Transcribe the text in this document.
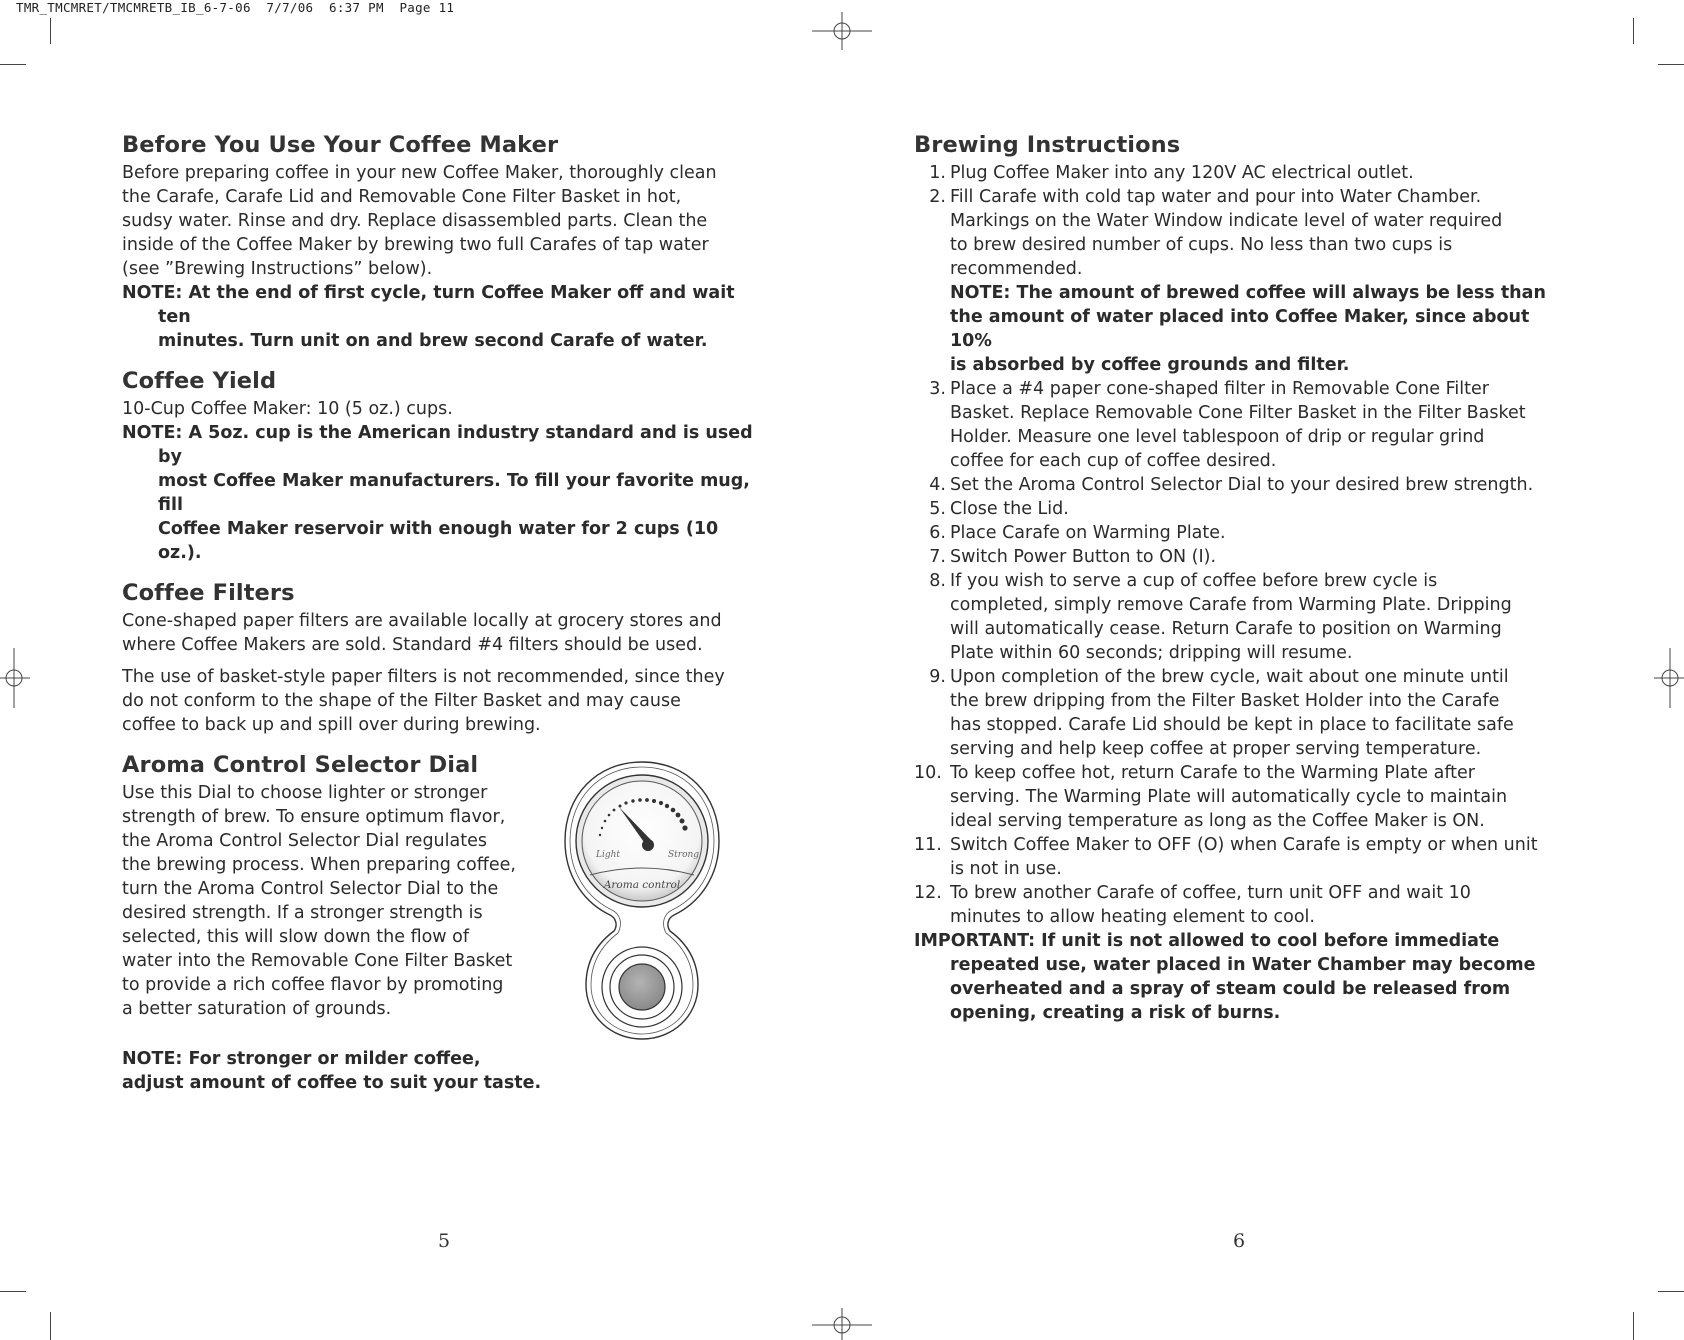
TMR_TMCMRET/TMCMRETB_IB_6-7-06  7/7/06  6:37 PM  Page 11
Before You Use Your Coffee Maker
Before preparing coffee in your new Coffee Maker, thoroughly clean
the Carafe, Carafe Lid and Removable Cone Filter Basket in hot,
sudsy water. Rinse and dry. Replace disassembled parts. Clean the
inside of the Coffee Maker by brewing two full Carafes of tap water
(see ”Brewing Instructions” below).
NOTE: At the end of first cycle, turn Coffee Maker off and wait ten
minutes. Turn unit on and brew second Carafe of water.
Coffee Yield
10-Cup Coffee Maker: 10 (5 oz.) cups.
NOTE: A 5oz. cup is the American industry standard and is used by
most Coffee Maker manufacturers. To fill your favorite mug, fill
Coffee Maker reservoir with enough water for 2 cups (10 oz.).
Coffee Filters
Cone-shaped paper filters are available locally at grocery stores and
where Coffee Makers are sold. Standard #4 filters should be used.
The use of basket-style paper filters is not recommended, since they
do not conform to the shape of the Filter Basket and may cause
coffee to back up and spill over during brewing.
Aroma Control Selector Dial
Use this Dial to choose lighter or stronger
strength of brew. To ensure optimum flavor,
the Aroma Control Selector Dial regulates
the brewing process. When preparing coffee,
turn the Aroma Control Selector Dial to the
desired strength. If a stronger strength is
selected, this will slow down the flow of
water into the Removable Cone Filter Basket
to provide a rich coffee flavor by promoting
a better saturation of grounds.
NOTE: For stronger or milder coffee,
adjust amount of coffee to suit your taste.
Light	Strong
Aroma control
5
Brewing Instructions
1. Plug Coffee Maker into any 120V AC electrical outlet.
2. Fill Carafe with cold tap water and pour into Water Chamber.
Markings on the Water Window indicate level of water required
to brew desired number of cups. No less than two cups is
recommended.
NOTE: The amount of brewed coffee will always be less than
the amount of water placed into Coffee Maker, since about 10%
is absorbed by coffee grounds and filter.
3. Place a #4 paper cone-shaped filter in Removable Cone Filter
Basket. Replace Removable Cone Filter Basket in the Filter Basket
Holder. Measure one level tablespoon of drip or regular grind
coffee for each cup of coffee desired.
4. Set the Aroma Control Selector Dial to your desired brew strength.
5. Close the Lid.
6. Place Carafe on Warming Plate.
7. Switch Power Button to ON (I).
8. If you wish to serve a cup of coffee before brew cycle is
completed, simply remove Carafe from Warming Plate. Dripping
will automatically cease. Return Carafe to position on Warming
Plate within 60 seconds; dripping will resume.
9. Upon completion of the brew cycle, wait about one minute until
the brew dripping from the Filter Basket Holder into the Carafe
has stopped. Carafe Lid should be kept in place to facilitate safe
serving and help keep coffee at proper serving temperature.
10. To keep coffee hot, return Carafe to the Warming Plate after
serving. The Warming Plate will automatically cycle to maintain
ideal serving temperature as long as the Coffee Maker is ON.
11. Switch Coffee Maker to OFF (O) when Carafe is empty or when unit
is not in use.
12. To brew another Carafe of coffee, turn unit OFF and wait 10
minutes to allow heating element to cool.
IMPORTANT: If unit is not allowed to cool before immediate
repeated use, water placed in Water Chamber may become
overheated and a spray of steam could be released from
opening, creating a risk of burns.
6
